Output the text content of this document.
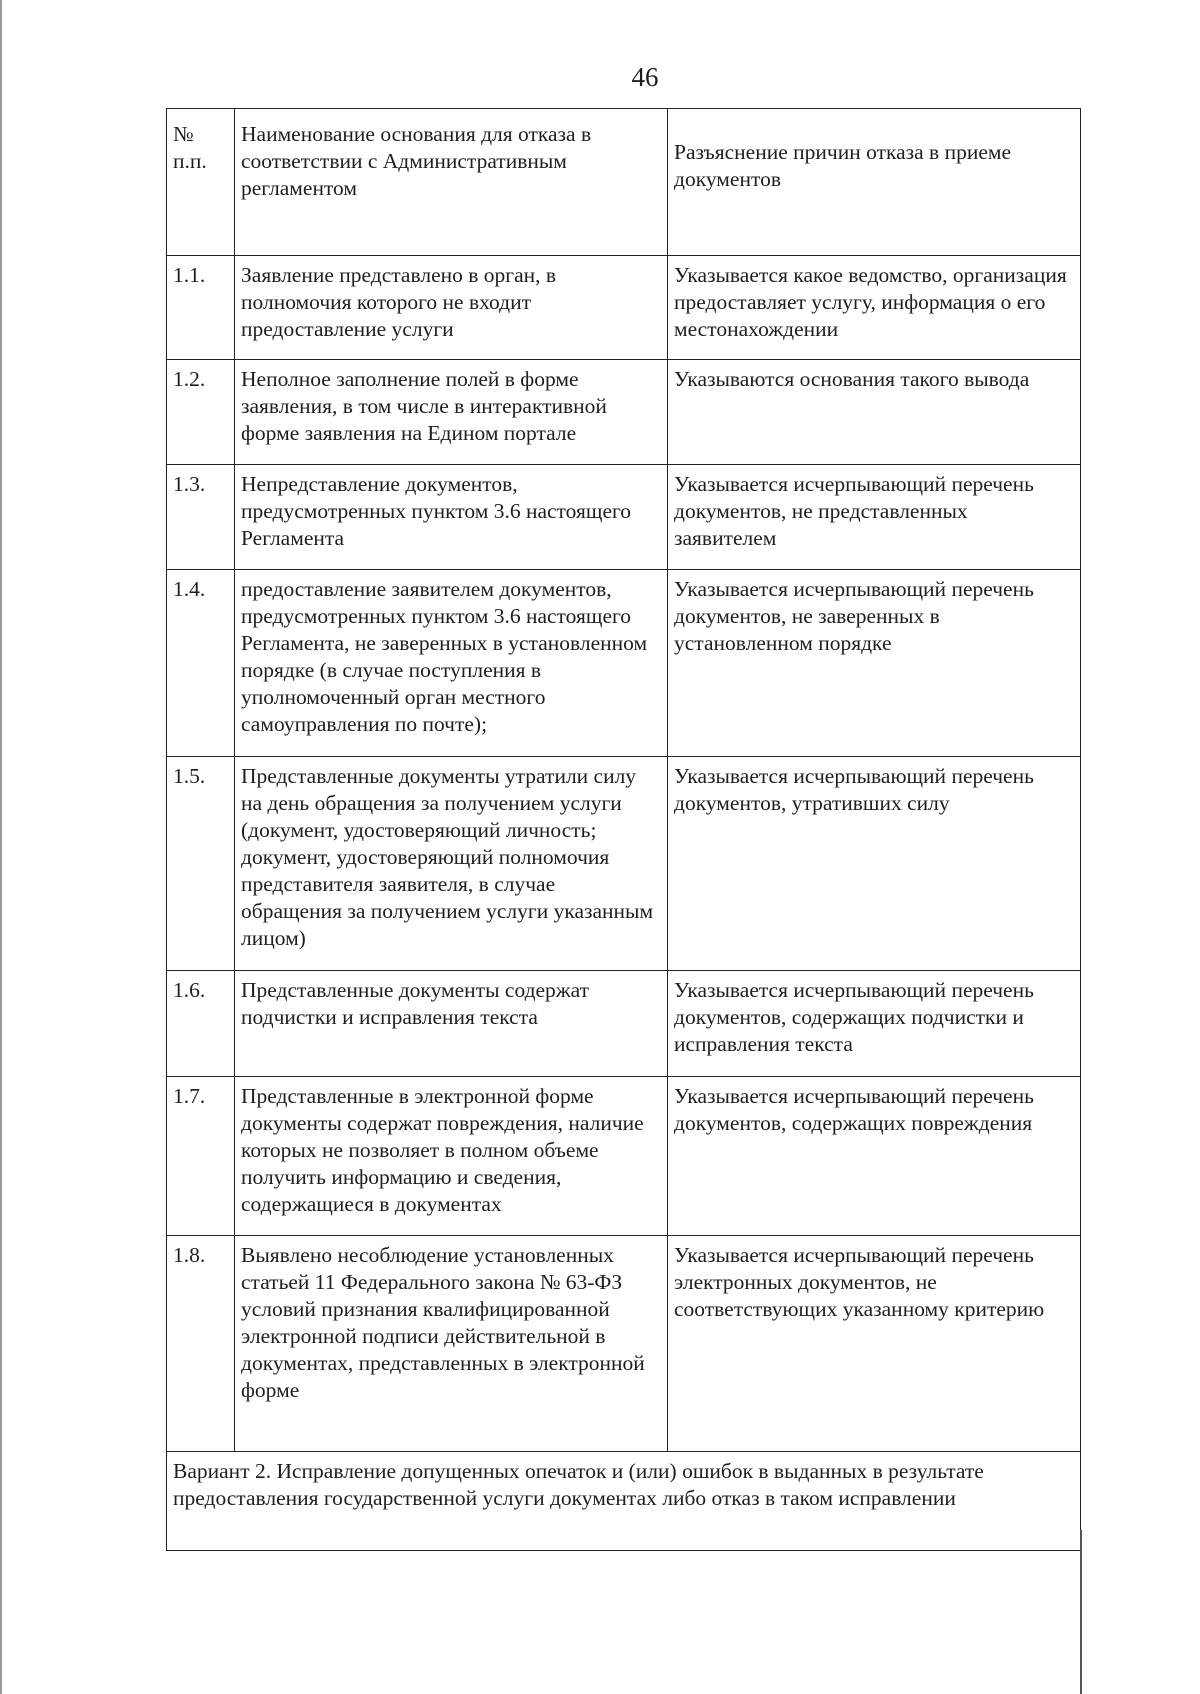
46
№ п.п.	Наименование основания для отказа в соответствии с Административным регламентом	Разъяснение причин отказа в приеме документов
1.1.	Заявление представлено в орган, в полномочия которого не входит предоставление услуги	Указывается какое ведомство, организация предоставляет услугу, информация о его местонахождении
1.2.	Неполное заполнение полей в форме заявления, в том числе в интерактивной форме заявления на Едином портале	Указываются основания такого вывода
1.3.	Непредставление документов, предусмотренных пунктом 3.6 настоящего Регламента	Указывается исчерпывающий перечень документов, не представленных заявителем
1.4.	предоставление заявителем документов, предусмотренных пунктом 3.6 настоящего Регламента, не заверенных в установленном порядке (в случае поступления в уполномоченный орган местного самоуправления по почте);	Указывается исчерпывающий перечень документов, не заверенных в установленном порядке
1.5.	Представленные документы утратили силу на день обращения за получением услуги (документ, удостоверяющий личность; документ, удостоверяющий полномочия представителя заявителя, в случае обращения за получением услуги указанным лицом)	Указывается исчерпывающий перечень документов, утративших силу
1.6.	Представленные документы содержат подчистки и исправления текста	Указывается исчерпывающий перечень документов, содержащих подчистки и исправления текста
1.7.	Представленные в электронной форме документы содержат повреждения, наличие которых не позволяет в полном объеме получить информацию и сведения, содержащиеся в документах	Указывается исчерпывающий перечень документов, содержащих повреждения
1.8.	Выявлено несоблюдение установленных статьей 11 Федерального закона № 63-ФЗ условий признания квалифицированной электронной подписи действительной в документах, представленных в электронной форме	Указывается исчерпывающий перечень электронных документов, не соответствующих указанному критерию
Вариант 2. Исправление допущенных опечаток и (или) ошибок в выданных в результате предоставления государственной услуги документах либо отказ в таком исправлении		
